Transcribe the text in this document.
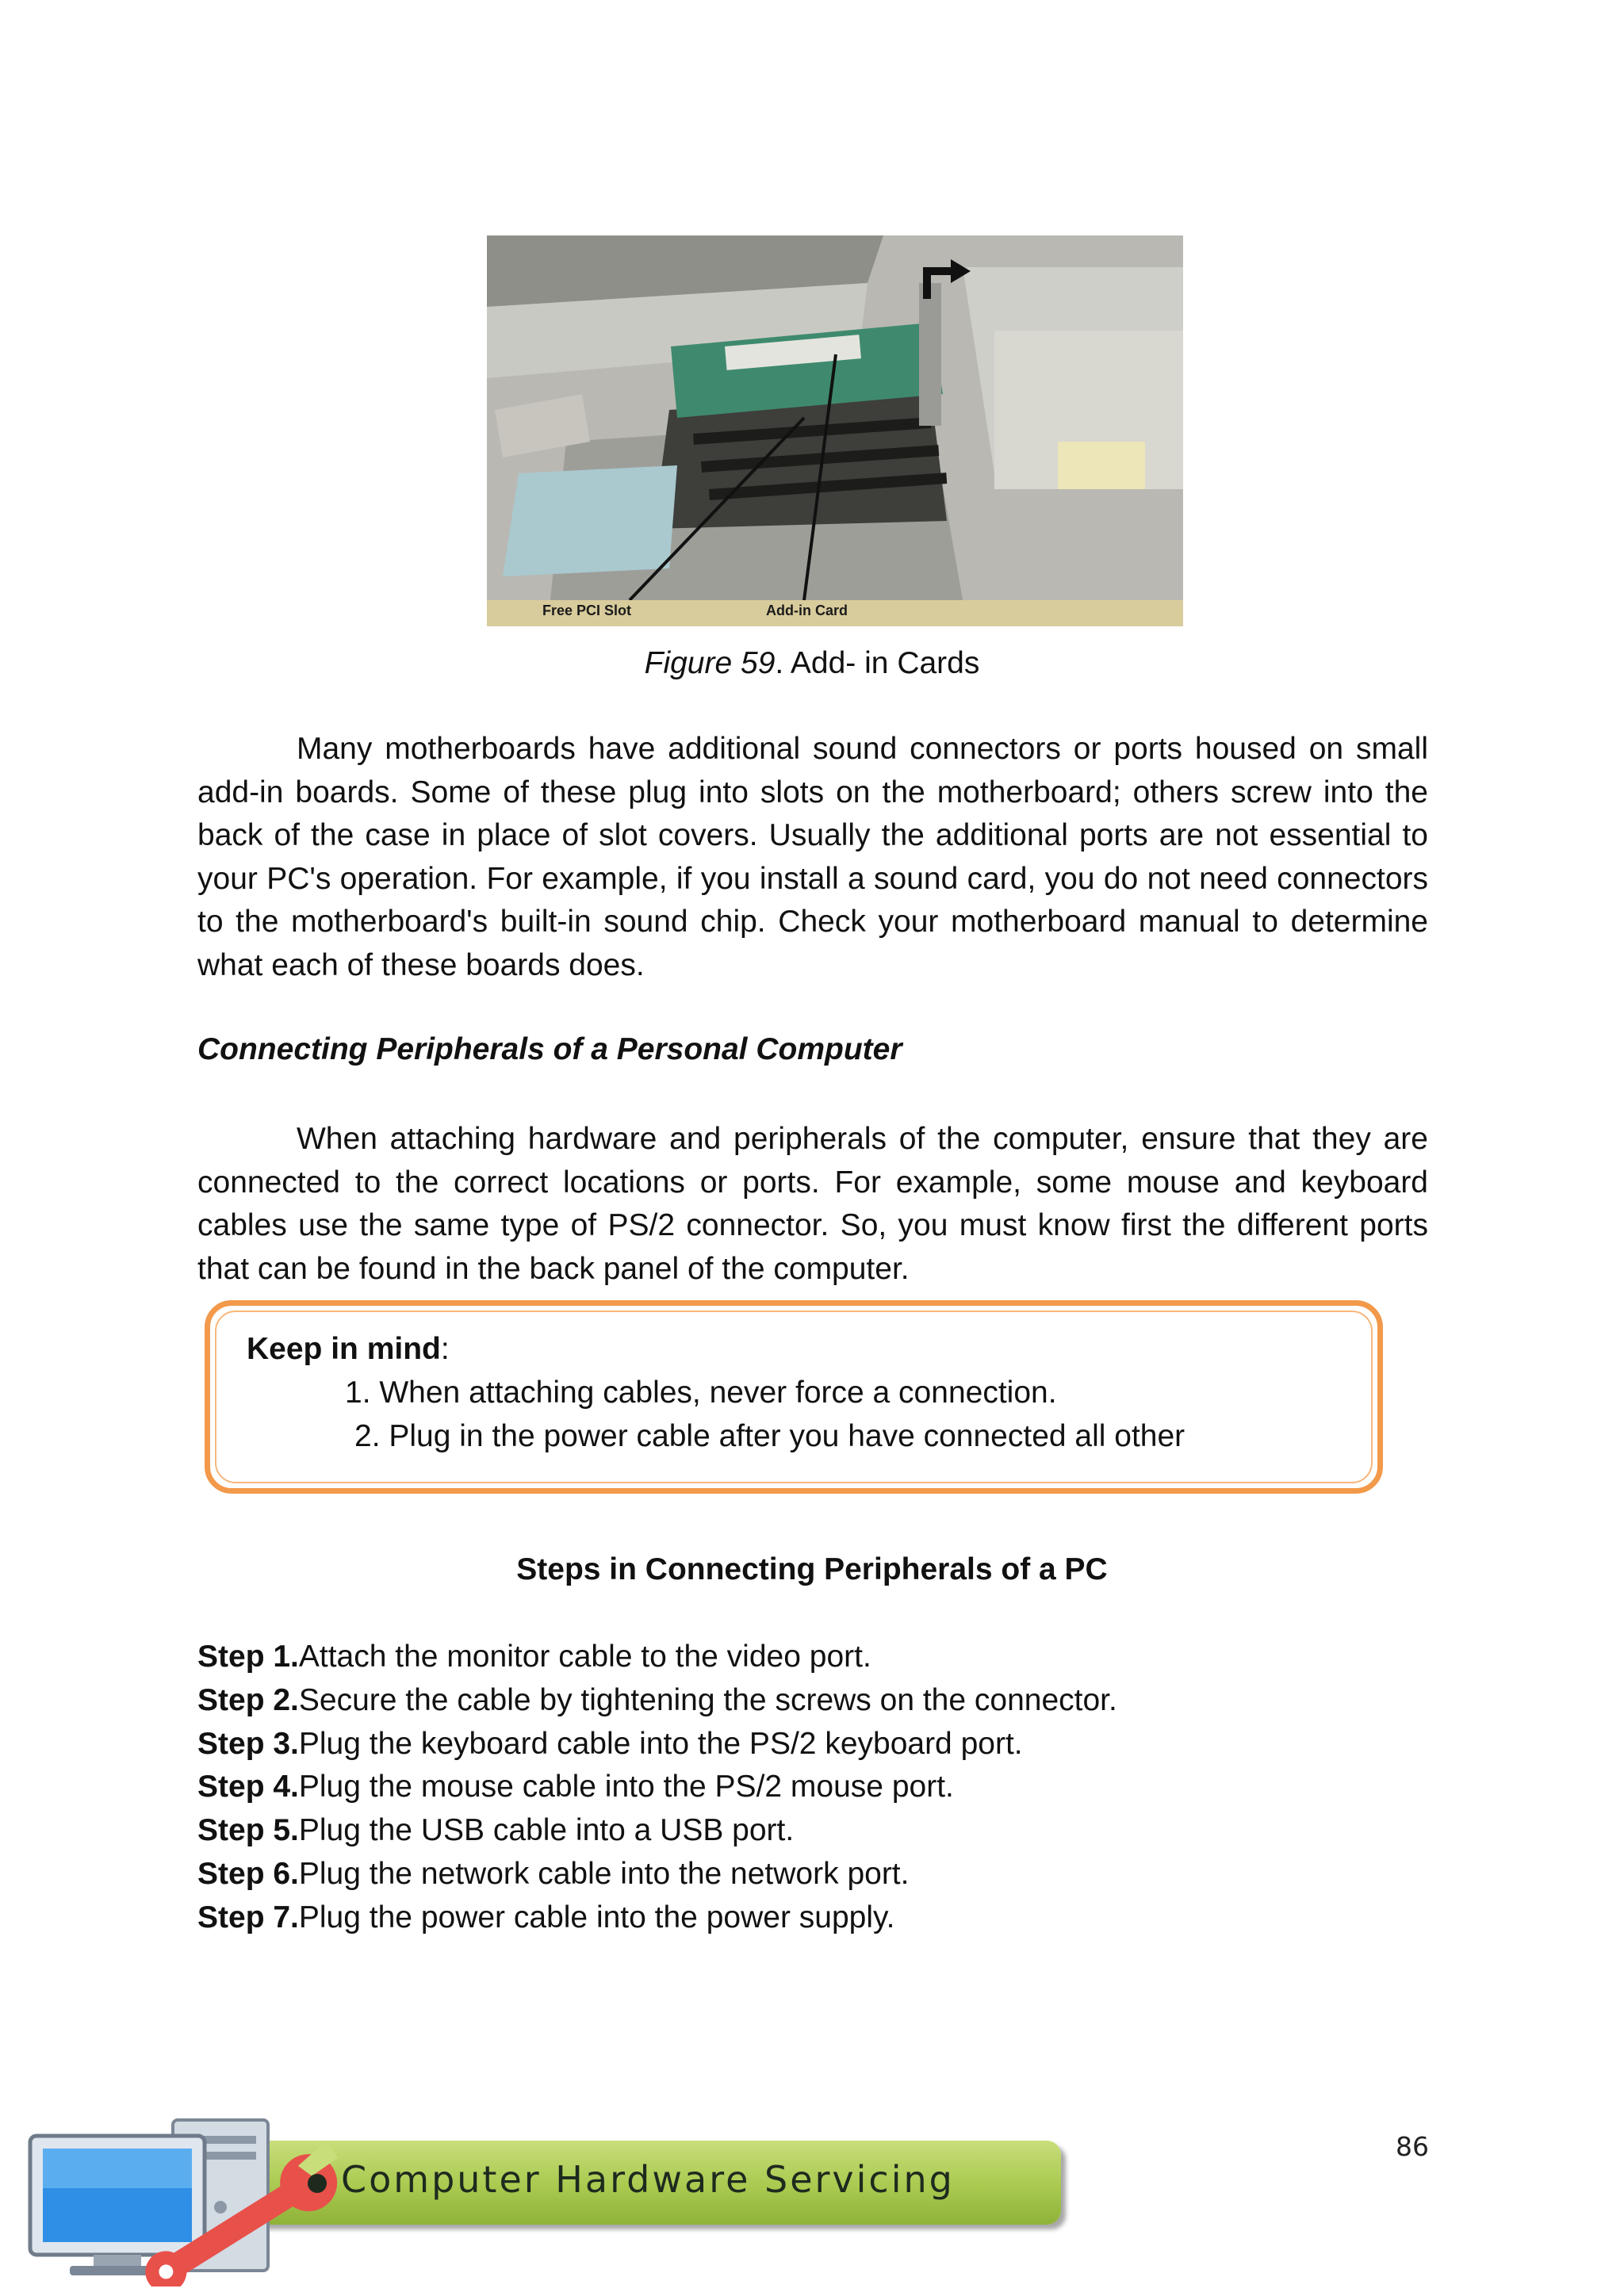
Free PCI Slot	Add-in Card
Figure 59. Add- in Cards

Many motherboards have additional sound connectors or ports housed on small add-in boards. Some of these plug into slots on the motherboard; others screw into the back of the case in place of slot covers. Usually the additional ports are not essential to your PC's operation. For example, if you install a sound card, you do not need connectors to the motherboard's built-in sound chip. Check your motherboard manual to determine what each of these boards does.

Connecting Peripherals of a Personal Computer

When attaching hardware and peripherals of the computer, ensure that they are connected to the correct locations or ports. For example, some mouse and keyboard cables use the same type of PS/2 connector. So, you must know first the different ports that can be found in the back panel of the computer.

Keep in mind:
1. When attaching cables, never force a connection.
2. Plug in the power cable after you have connected all other
Steps in Connecting Peripherals of a PC
Step 1.Attach the monitor cable to the video port.
Step 2.Secure the cable by tightening the screws on the connector.
Step 3.Plug the keyboard cable into the PS/2 keyboard port.
Step 4.Plug the mouse cable into the PS/2 mouse port.
Step 5.Plug the USB cable into a USB port.
Step 6.Plug the network cable into the network port.
Step 7.Plug the power cable into the power supply.
86
Computer Hardware Servicing
